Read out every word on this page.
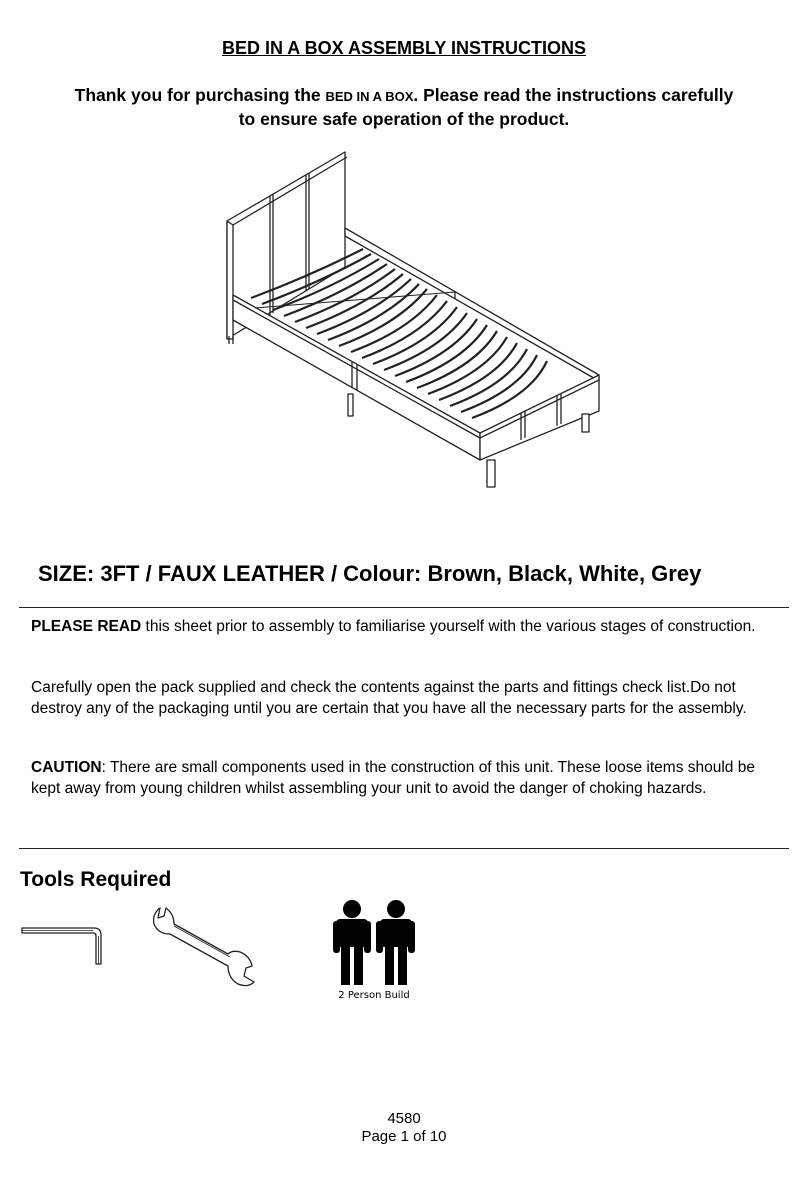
BED IN A BOX ASSEMBLY INSTRUCTIONS
Thank you for purchasing the BED IN A BOX. Please read the instructions carefully
to ensure safe operation of the product.
SIZE: 3FT / FAUX LEATHER / Colour: Brown, Black, White, Grey
PLEASE READ this sheet prior to assembly to familiarise yourself with the various stages of construction.
Carefully open the pack supplied and check the contents against the parts and fittings check list.Do not destroy any of the packaging until you are certain that you have all the necessary parts for the assembly.
CAUTION: There are small components used in the construction of this unit. These loose items should be kept away from young children whilst assembling your unit to avoid the danger of choking hazards.
Tools Required
2 Person Build
4580
Page 1 of 10
